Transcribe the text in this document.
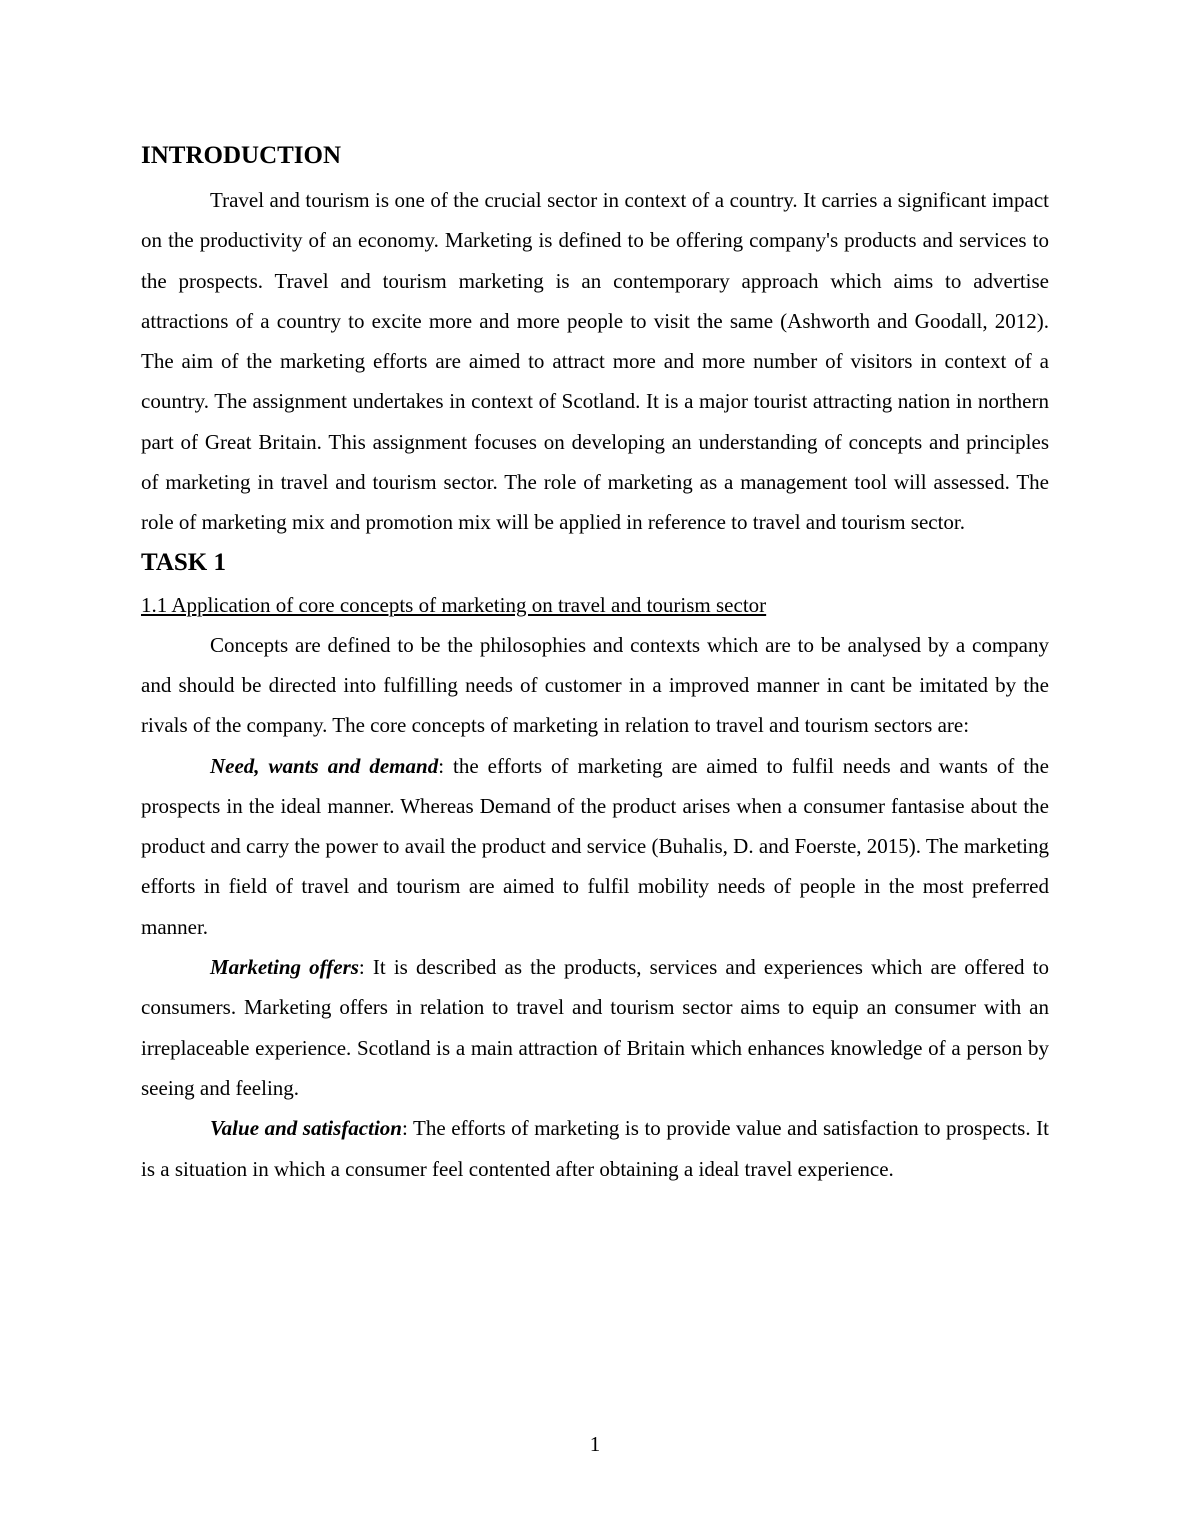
INTRODUCTION

Travel and tourism is one of the crucial sector in context of a country. It carries a significant impact on the productivity of an economy. Marketing is defined to be offering company's products and services to the prospects. Travel and tourism marketing is an contemporary approach which aims to advertise attractions of a country to excite more and more people to visit the same (Ashworth and Goodall, 2012). The aim of the marketing efforts are aimed to attract more and more number of visitors in context of a country. The assignment undertakes in context of Scotland. It is a major tourist attracting nation in northern part of Great Britain. This assignment focuses on developing an understanding of concepts and principles of marketing in travel and tourism sector. The role of marketing as a management tool will assessed. The role of marketing mix and promotion mix will be applied in reference to travel and tourism sector.

TASK 1

1.1 Application of core concepts of marketing on travel and tourism sector

Concepts are defined to be the philosophies and contexts which are to be analysed by a company and should be directed into fulfilling needs of customer in a improved manner in cant be imitated by the rivals of the company. The core concepts of marketing in relation to travel and tourism sectors are:

Need, wants and demand: the efforts of marketing are aimed to fulfil needs and wants of the prospects in the ideal manner. Whereas Demand of the product arises when a consumer fantasise about the product and carry the power to avail the product and service (Buhalis, D. and Foerste, 2015). The marketing efforts in field of travel and tourism are aimed to fulfil mobility needs of people in the most preferred manner.

Marketing offers: It is described as the products, services and experiences which are offered to consumers. Marketing offers in relation to travel and tourism sector aims to equip an consumer with an irreplaceable experience. Scotland is a main attraction of Britain which enhances knowledge of a person by seeing and feeling.

Value and satisfaction: The efforts of marketing is to provide value and satisfaction to prospects. It is a situation in which a consumer feel contented after obtaining a ideal travel experience.

1
